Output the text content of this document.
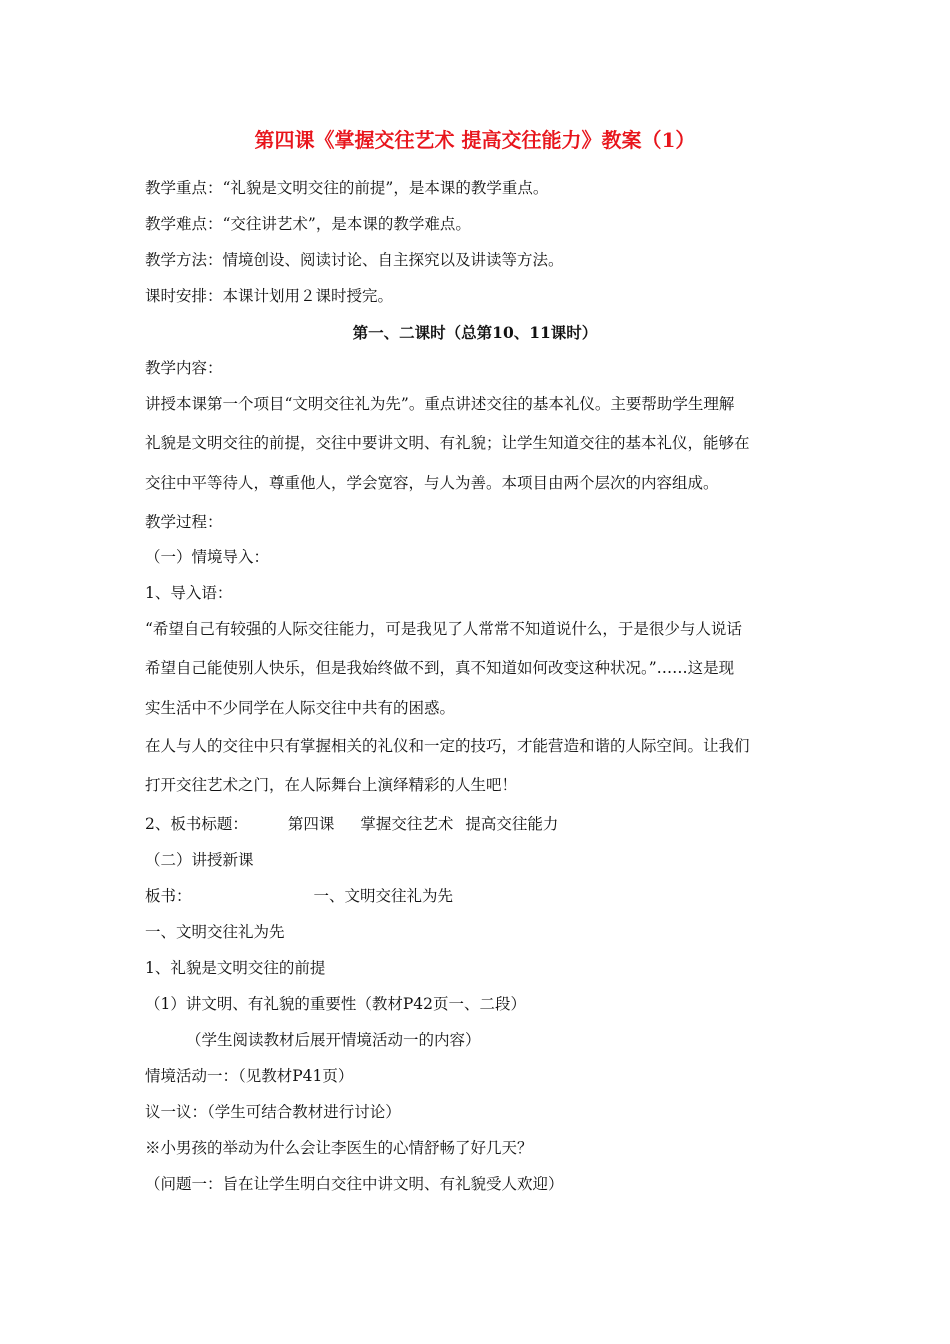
第四课《掌握交往艺术 提高交往能力》教案（1）
教学重点：“礼貌是文明交往的前提”，是本课的教学重点。
教学难点：“交往讲艺术”，是本课的教学难点。
教学方法：情境创设、阅读讨论、自主探究以及讲读等方法。
课时安排：本课计划用２课时授完。
第一、二课时（总第10、11课时）
教学内容：
讲授本课第一个项目“文明交往礼为先”。重点讲述交往的基本礼仪。主要帮助学生理解
礼貌是文明交往的前提，交往中要讲文明、有礼貌；让学生知道交往的基本礼仪，能够在
交往中平等待人，尊重他人，学会宽容，与人为善。本项目由两个层次的内容组成。
教学过程：
（一）情境导入：
1、导入语：
“希望自己有较强的人际交往能力，可是我见了人常常不知道说什么，于是很少与人说话
希望自己能使别人快乐，但是我始终做不到，真不知道如何改变这种状况。”……这是现
实生活中不少同学在人际交往中共有的困惑。
在人与人的交往中只有掌握相关的礼仪和一定的技巧，才能营造和谐的人际空间。让我们
打开交往艺术之门，在人际舞台上演绎精彩的人生吧！
2、板书标题：	第四课 掌握交往艺术 提高交往能力
（二）讲授新课
板书：	一、文明交往礼为先
一、文明交往礼为先
1、礼貌是文明交往的前提
（1）讲文明、有礼貌的重要性（教材P42页一、二段）
（学生阅读教材后展开情境活动一的内容）
情境活动一：（见教材P41页）
议一议：（学生可结合教材进行讨论）
※小男孩的举动为什么会让李医生的心情舒畅了好几天？
（问题一：旨在让学生明白交往中讲文明、有礼貌受人欢迎）
